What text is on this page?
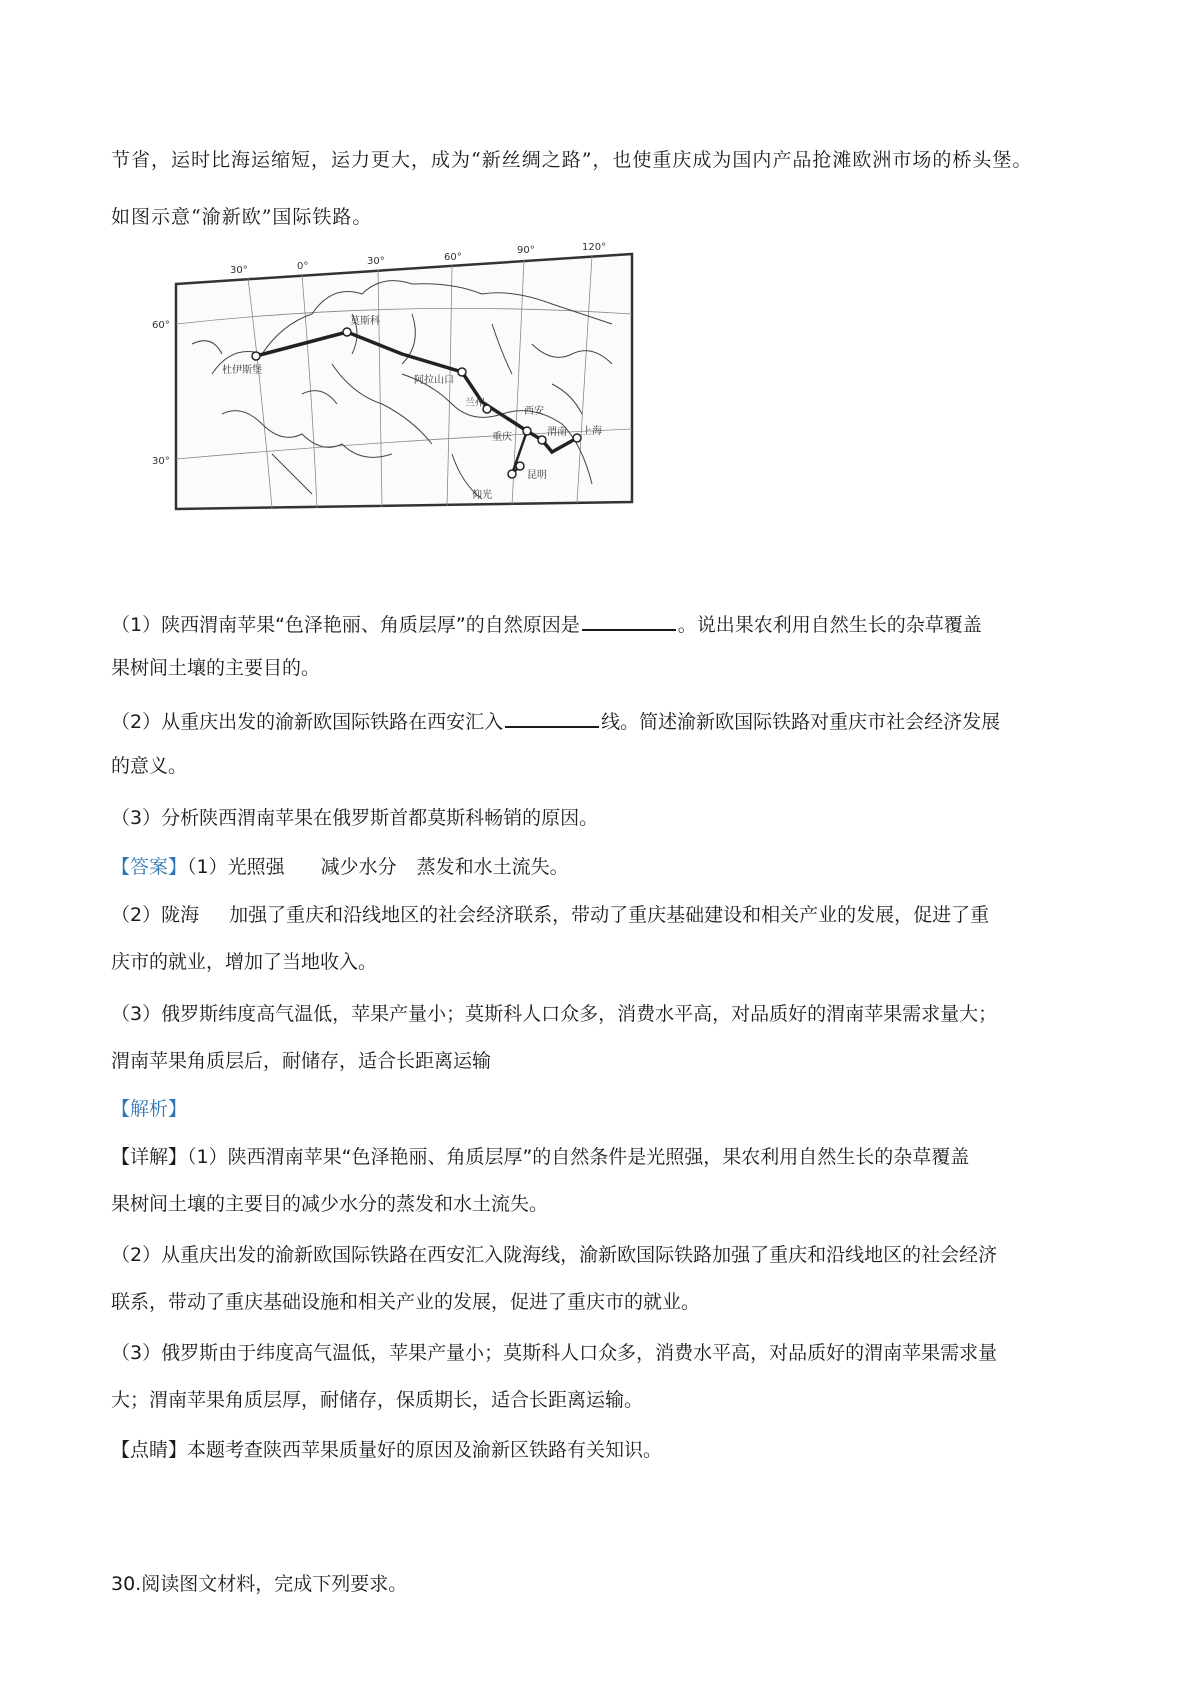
节省，运时比海运缩短，运力更大，成为“新丝绸之路”，也使重庆成为国内产品抢滩欧洲市场的桥头堡。
如图示意“渝新欧”国际铁路。
30°	0°	30°	60°
90°	120°
60°
30°
杜伊斯堡
莫斯科
阿拉山口
兰州
西安
渭南
重庆
上海
昆明
仰光
（1）陕西渭南苹果“色泽艳丽、角质层厚”的自然原因是	。说出果农利用自然生长的杂草覆盖
果树间土壤的主要目的。
（2）从重庆出发的渝新欧国际铁路在西安汇入	线。简述渝新欧国际铁路对重庆市社会经济发展
的意义。
（3）分析陕西渭南苹果在俄罗斯首都莫斯科畅销的原因。
【答案】（1）光照强 减少水分 蒸发和水土流失。
（2）陇海 加强了重庆和沿线地区的社会经济联系，带动了重庆基础建设和相关产业的发展，促进了重
庆市的就业，增加了当地收入。
（3）俄罗斯纬度高气温低，苹果产量小；莫斯科人口众多，消费水平高，对品质好的渭南苹果需求量大；
渭南苹果角质层后，耐储存，适合长距离运输
【解析】
【详解】（1）陕西渭南苹果“色泽艳丽、角质层厚”的自然条件是光照强，果农利用自然生长的杂草覆盖
果树间土壤的主要目的减少水分的蒸发和水土流失。
（2）从重庆出发的渝新欧国际铁路在西安汇入陇海线，渝新欧国际铁路加强了重庆和沿线地区的社会经济
联系，带动了重庆基础设施和相关产业的发展，促进了重庆市的就业。
（3）俄罗斯由于纬度高气温低，苹果产量小；莫斯科人口众多，消费水平高，对品质好的渭南苹果需求量
大；渭南苹果角质层厚，耐储存，保质期长，适合长距离运输。
【点睛】本题考查陕西苹果质量好的原因及渝新区铁路有关知识。
30.阅读图文材料，完成下列要求。
